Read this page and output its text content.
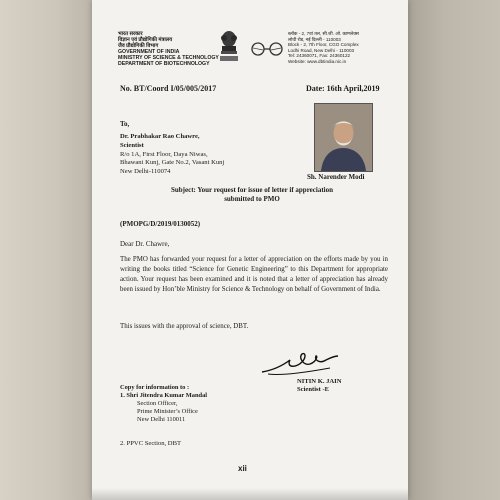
भारत सरकार
विज्ञान एवं प्रौद्योगिकी मंत्रालय
जैव प्रौद्योगिकी विभाग
GOVERNMENT OF INDIA
MINISTRY OF SCIENCE & TECHNOLOGY
DEPARTMENT OF BIOTECHNOLOGY
ब्लॉक - 2, 7वां तल, सी.जी. ओ. काम्प्लेक्स
लोधी रोड, नई दिल्ली - 110003
Block - 2, 7th Floor, CGO Complex
Lodhi Road, New Delhi - 110003
Tel: 24360071, Fax: 24360122
Website: www.dbtindia.nic.in
No. BT/Coord I/05/005/2017	Date: 16th April,2019
To,
Dr. Prabhakar Rao Chawre,
Scientist
R/o 1A, First Floor, Daya Niwas,
Bhawani Kunj, Gate No.2, Vasant Kunj
New Delhi-110074
Sh. Narender Modi
Subject: Your request for issue of letter if appreciation
submitted to PMO
(PMOPG/D/2019/0130052)
Dear Dr. Chawre,
The PMO has forwarded your request for a letter of appreciation on the efforts made by you in writing the books titled “Science for Genetic Engineering” to this Department for appropriate action. Your request has been examined and it is noted that a letter of appreciation has already been issued by Hon’ble Ministry for Science & Technology on behalf of Government of India.
This issues with the approval of science, DBT.
NITIN K. JAIN
Scientist -E
Copy for information to :
1. Shri Jitendra Kumar Mandal
Section Officer,
Prime Minister’s Office
New Delhi 110011
2. PPVC Section, DBT
xii
